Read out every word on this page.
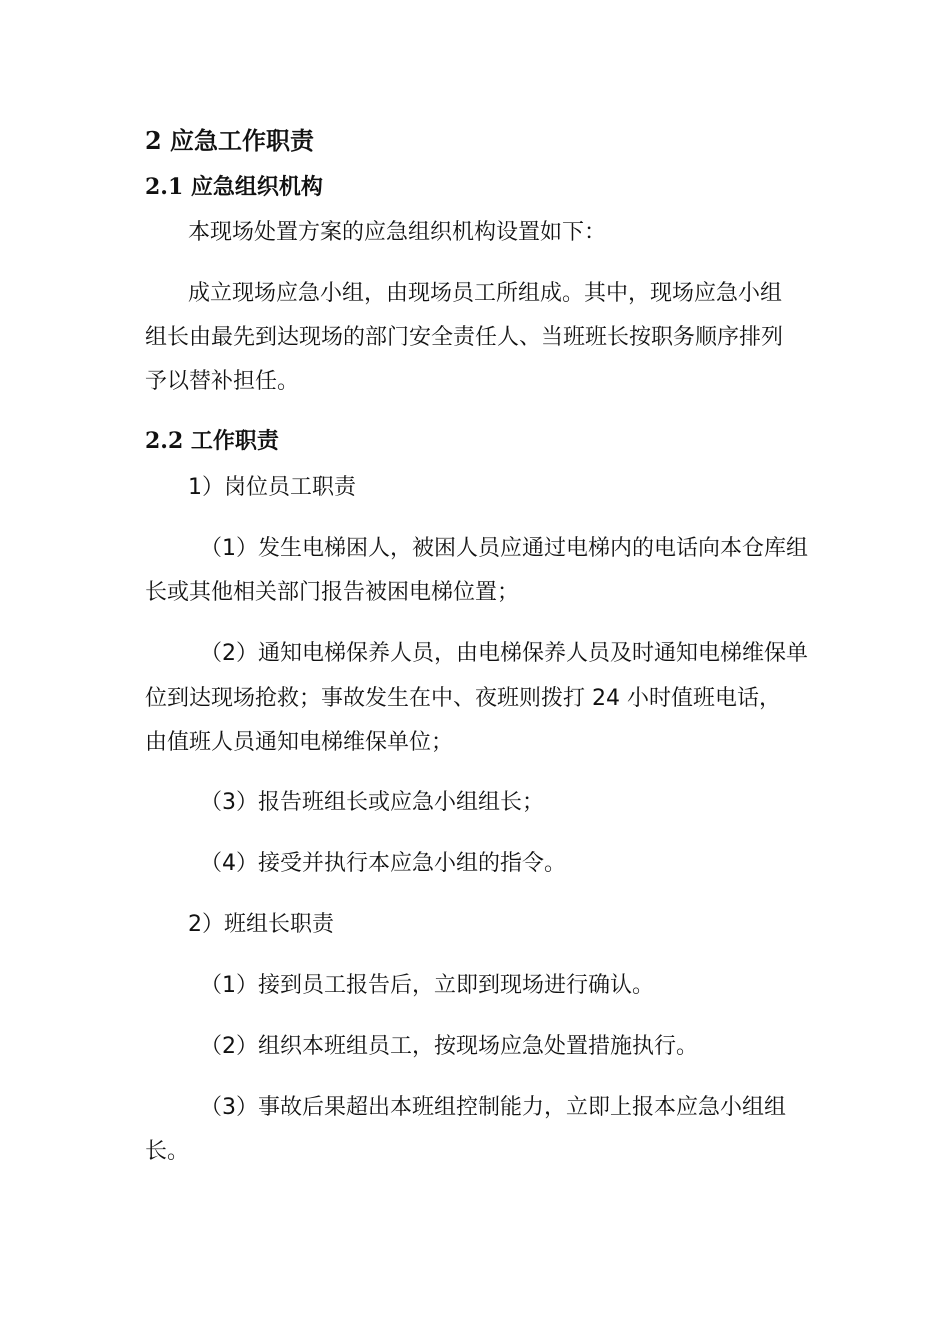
2 应急工作职责
2.1 应急组织机构
本现场处置方案的应急组织机构设置如下：
成立现场应急小组，由现场员工所组成。其中，现场应急小组
组长由最先到达现场的部门安全责任人、当班班长按职务顺序排列
予以替补担任。
2.2 工作职责
1）岗位员工职责
（1）发生电梯困人，被困人员应通过电梯内的电话向本仓库组
长或其他相关部门报告被困电梯位置；
（2）通知电梯保养人员，由电梯保养人员及时通知电梯维保单
位到达现场抢救；事故发生在中、夜班则拨打 24 小时值班电话，
由值班人员通知电梯维保单位；
（3）报告班组长或应急小组组长；
（4）接受并执行本应急小组的指令。
2）班组长职责
（1）接到员工报告后，立即到现场进行确认。
（2）组织本班组员工，按现场应急处置措施执行。
（3）事故后果超出本班组控制能力，立即上报本应急小组组
长。
